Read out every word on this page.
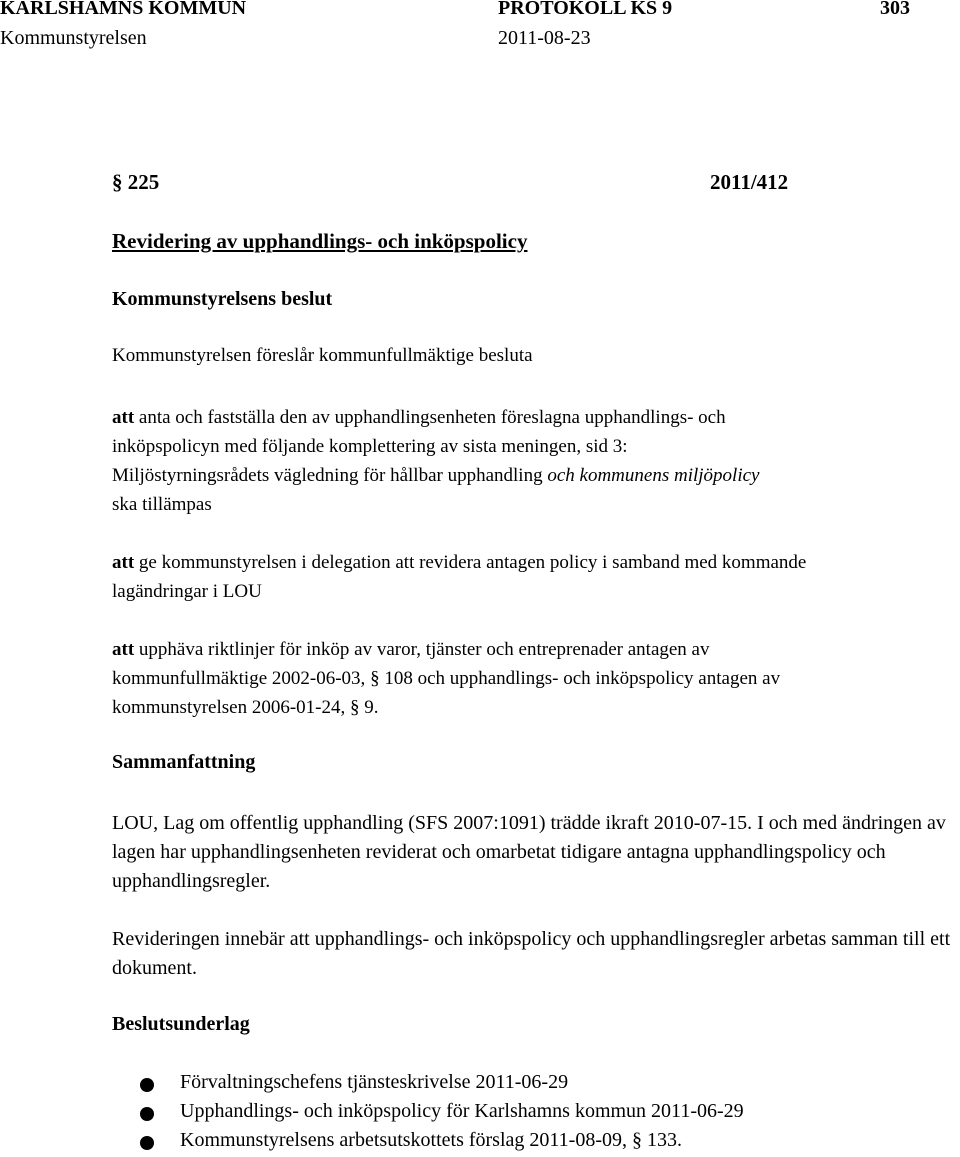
KARLSHAMNS KOMMUN	PROTOKOLL KS 9	303
Kommunstyrelsen	2011-08-23
§ 225	2011/412
Revidering av upphandlings- och inköpspolicy
Kommunstyrelsens beslut
Kommunstyrelsen föreslår kommunfullmäktige besluta
att anta och fastställa den av upphandlingsenheten föreslagna upphandlings- och
inköpspolicyn med följande komplettering av sista meningen, sid 3:
Miljöstyrningsrådets vägledning för hållbar upphandling och kommunens miljöpolicy
ska tillämpas
att ge kommunstyrelsen i delegation att revidera antagen policy i samband med kommande
lagändringar i LOU
att upphäva riktlinjer för inköp av varor, tjänster och entreprenader antagen av
kommunfullmäktige 2002-06-03, § 108 och upphandlings- och inköpspolicy antagen av
kommunstyrelsen 2006-01-24, § 9.
Sammanfattning

LOU, Lag om offentlig upphandling (SFS 2007:1091) trädde ikraft 2010-07-15. I och med ändringen av lagen har upphandlingsenheten reviderat och omarbetat tidigare antagna upphandlingspolicy och upphandlingsregler.

Revideringen innebär att upphandlings- och inköpspolicy och upphandlingsregler arbetas samman till ett dokument.

Beslutsunderlag
Förvaltningschefens tjänsteskrivelse 2011-06-29
Upphandlings- och inköpspolicy för Karlshamns kommun 2011-06-29
Kommunstyrelsens arbetsutskottets förslag 2011-08-09, § 133.
